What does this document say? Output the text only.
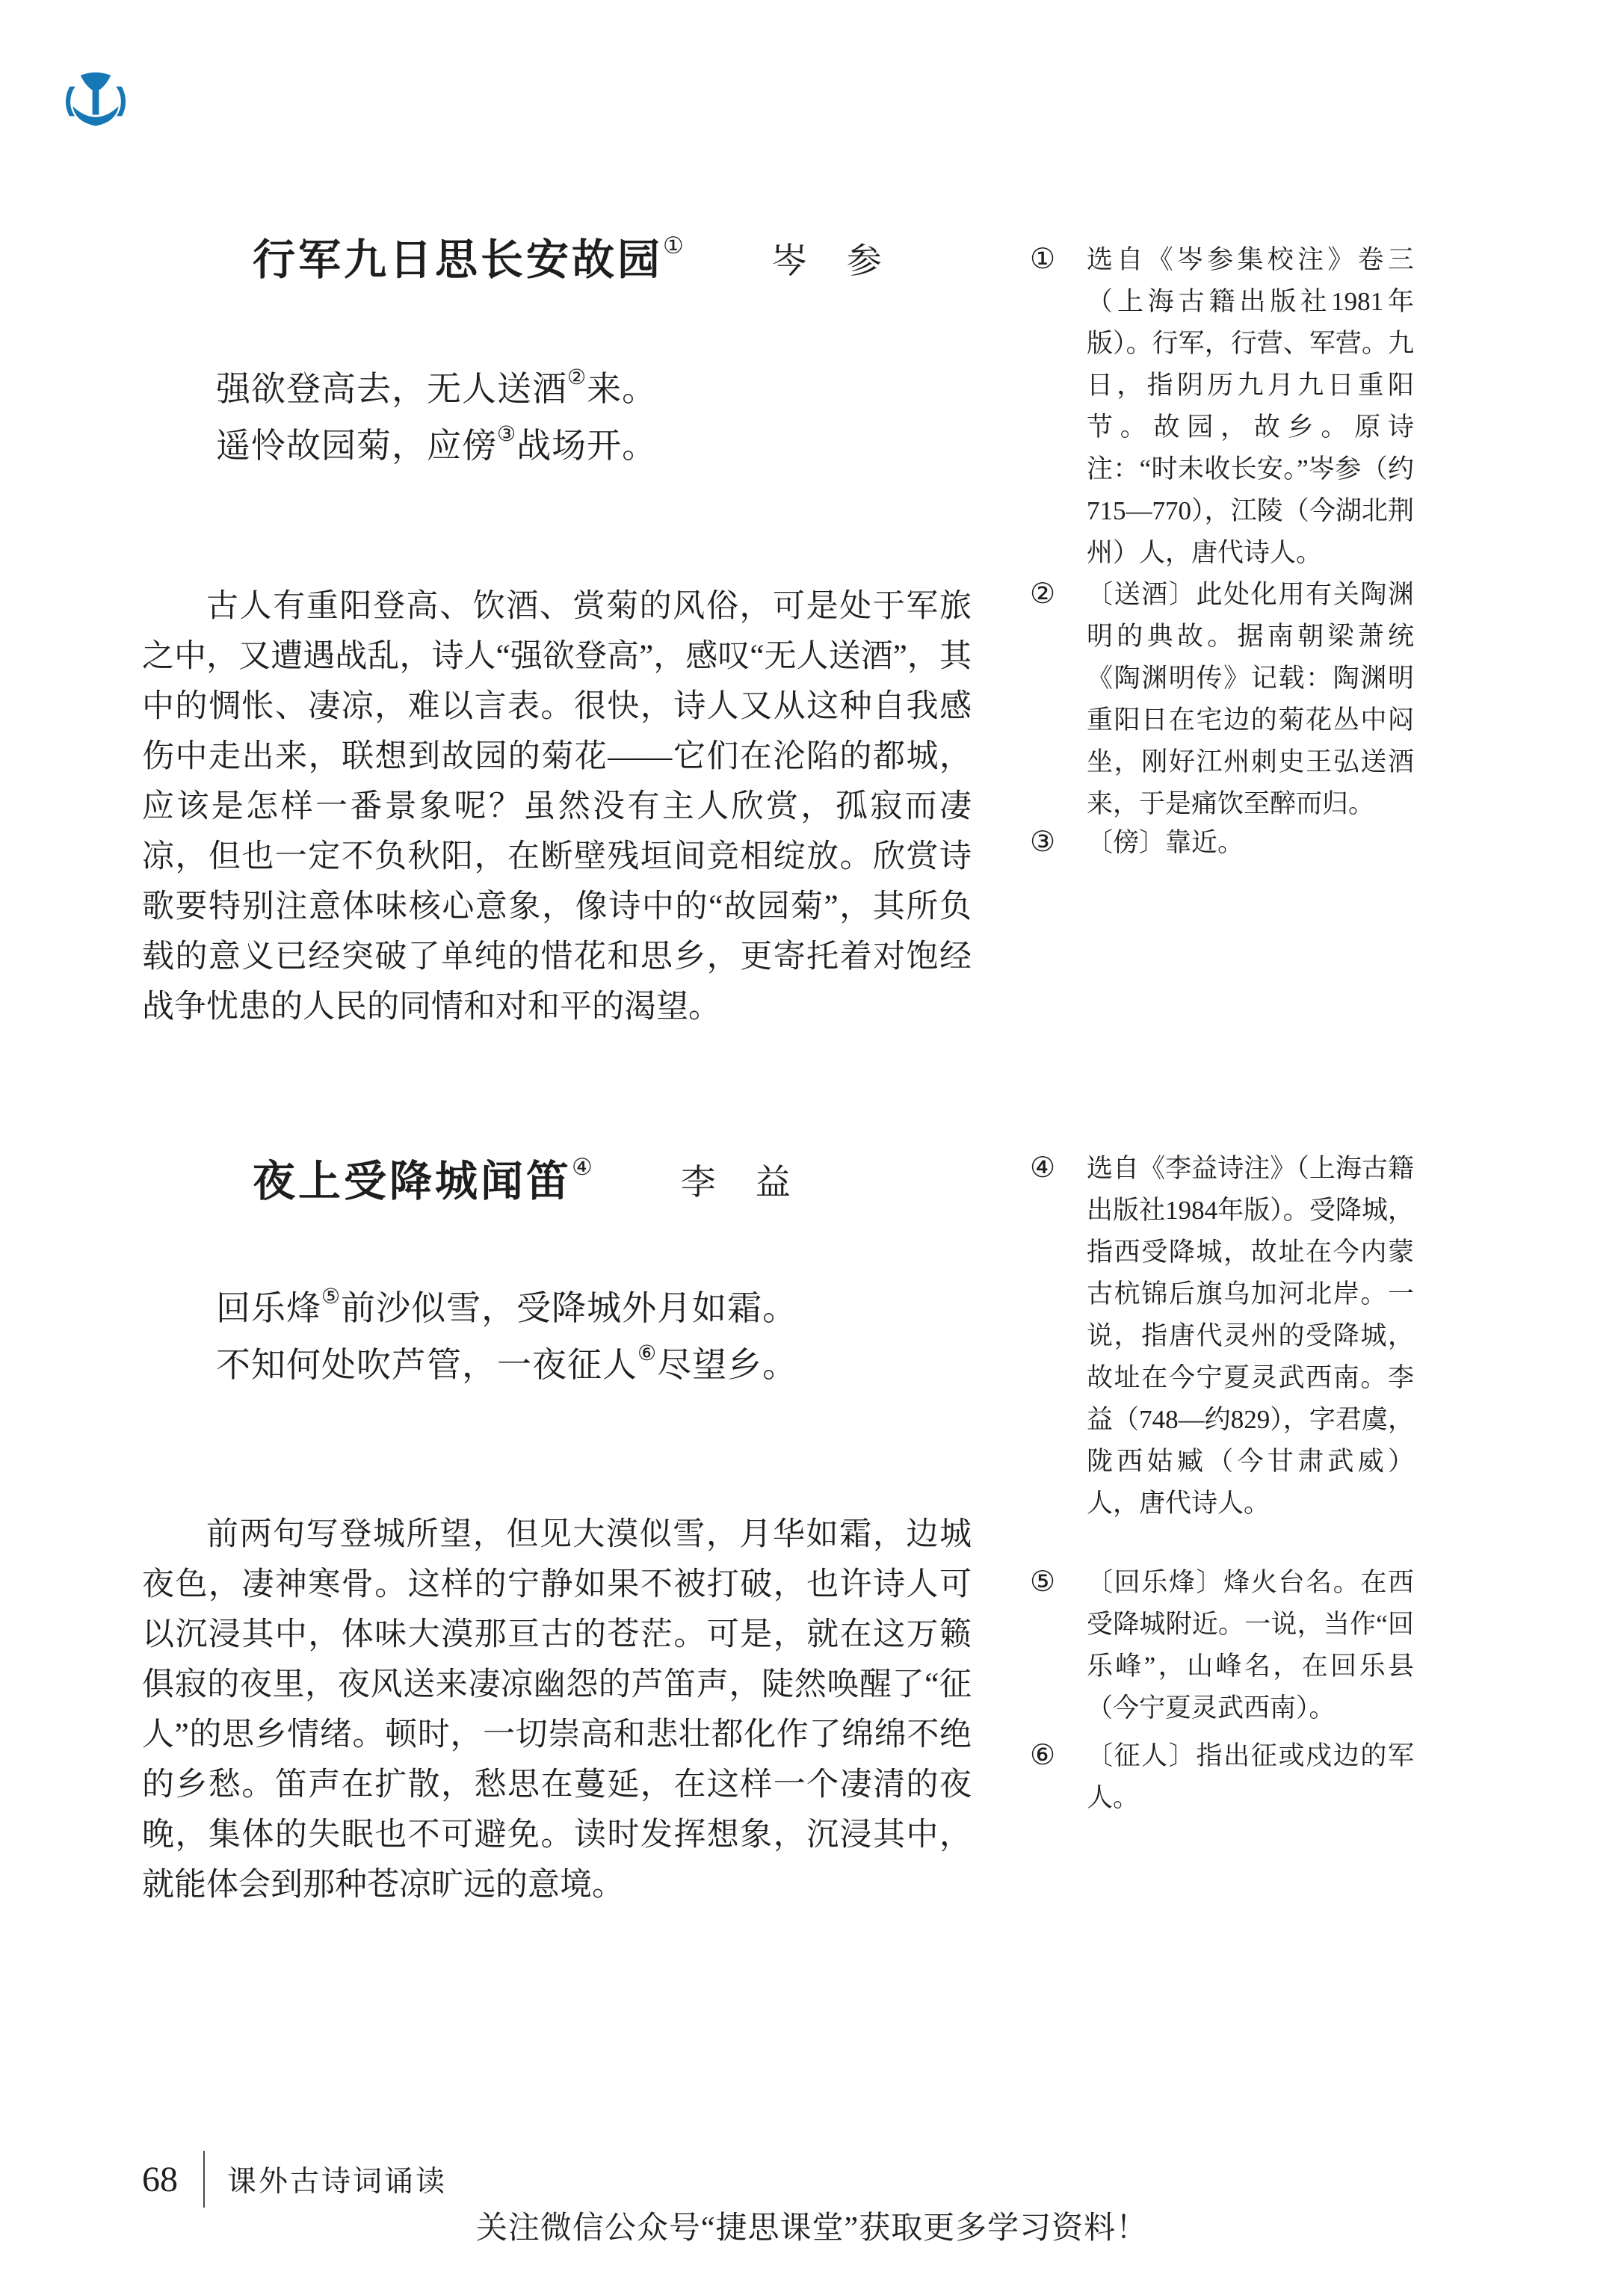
行军九日思长安故园①	岑　参
强欲登高去，无人送酒②来。
遥怜故园菊，应傍③战场开。

古人有重阳登高、饮酒、赏菊的风俗，可是处于军旅之中，又遭遇战乱，诗人“强欲登高”，感叹“无人送酒”，其中的惆怅、凄凉，难以言表。很快，诗人又从这种自我感伤中走出来，联想到故园的菊花——它们在沦陷的都城，应该是怎样一番景象呢？虽然没有主人欣赏，孤寂而凄凉，但也一定不负秋阳，在断壁残垣间竞相绽放。欣赏诗歌要特别注意体味核心意象，像诗中的“故园菊”，其所负载的意义已经突破了单纯的惜花和思乡，更寄托着对饱经战争忧患的人民的同情和对和平的渴望。

夜上受降城闻笛④	李　益
回乐烽⑤前沙似雪，受降城外月如霜。
不知何处吹芦管，一夜征人⑥尽望乡。

前两句写登城所望，但见大漠似雪，月华如霜，边城夜色，凄神寒骨。这样的宁静如果不被打破，也许诗人可以沉浸其中，体味大漠那亘古的苍茫。可是，就在这万籁俱寂的夜里，夜风送来凄凉幽怨的芦笛声，陡然唤醒了“征人”的思乡情绪。顿时，一切崇高和悲壮都化作了绵绵不绝的乡愁。笛声在扩散，愁思在蔓延，在这样一个凄清的夜晚，集体的失眠也不可避免。读时发挥想象，沉浸其中，就能体会到那种苍凉旷远的意境。

① 选自《岑参集校注》卷三（上海古籍出版社1981年版）。行军，行营、军营。九日，指阴历九月九日重阳节。故园，故乡。原诗注：“时未收长安。”岑参（约715—770），江陵（今湖北荆州）人，唐代诗人。
② 〔送酒〕此处化用有关陶渊明的典故。据南朝梁萧统《陶渊明传》记载：陶渊明重阳日在宅边的菊花丛中闷坐，刚好江州刺史王弘送酒来，于是痛饮至醉而归。
③ 〔傍〕靠近。
④ 选自《李益诗注》（上海古籍出版社1984年版）。受降城，指西受降城，故址在今内蒙古杭锦后旗乌加河北岸。一说，指唐代灵州的受降城，故址在今宁夏灵武西南。李益（748—约829），字君虞，陇西姑臧（今甘肃武威）人，唐代诗人。
⑤ 〔回乐烽〕烽火台名。在西受降城附近。一说，当作“回乐峰”，山峰名，在回乐县（今宁夏灵武西南）。
⑥ 〔征人〕指出征或戍边的军人。
68 课外古诗词诵读
关注微信公众号“捷思课堂”获取更多学习资料！
